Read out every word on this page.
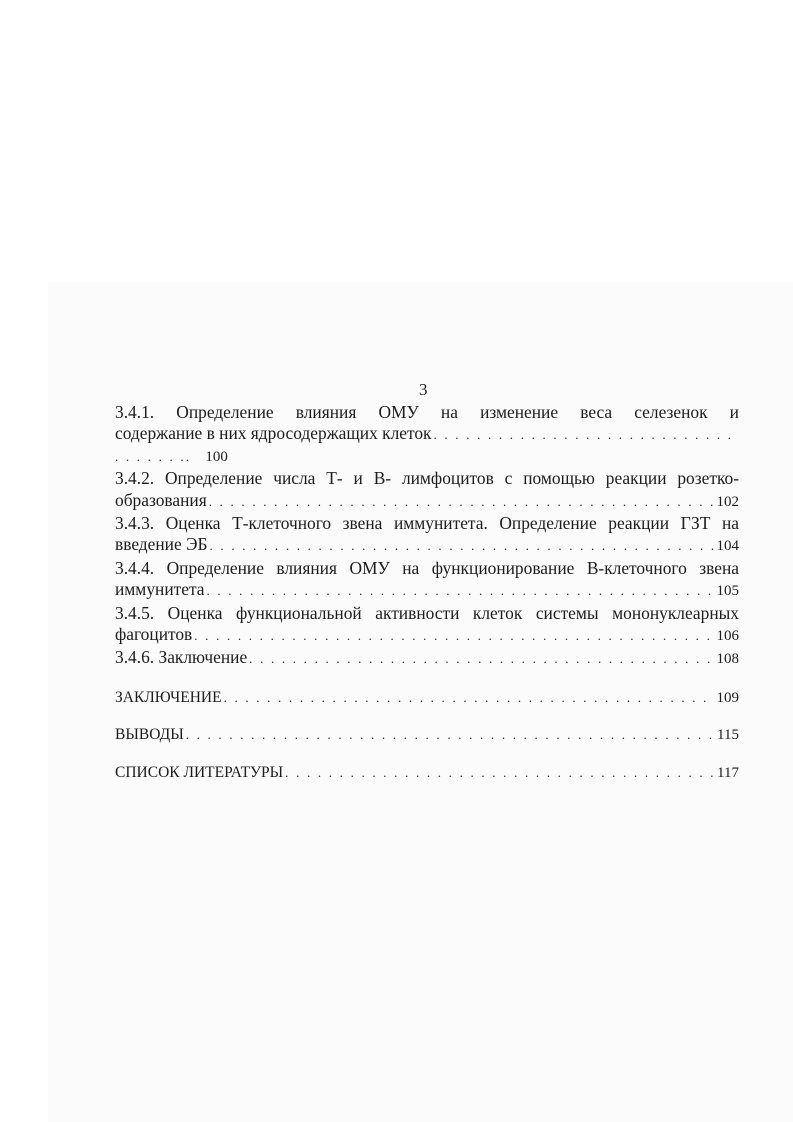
3
3.4.1. Определение влияния ОМУ на изменение веса селезенок и
содержание в них ядросодержащих клеток
. . .
. . . . . . .. 100
3.4.2. Определение числа Т- и В- лимфоцитов с помощью реакции розетко-
образования . . .	102
3.4.3. Оценка Т-клеточного звена иммунитета. Определение реакции ГЗТ на
введение ЭБ . . .	104
3.4.4. Определение влияния ОМУ на функционирование В-клеточного звена
иммунитета . . .	105
3.4.5. Оценка функциональной активности клеток системы мононуклеарных
фагоцитов . . .	106
3.4.6. Заключение . . .	108
ЗАКЛЮЧЕНИЕ . . .	109
ВЫВОДЫ . . .	115
СПИСОК ЛИТЕРАТУРЫ . . .	117
